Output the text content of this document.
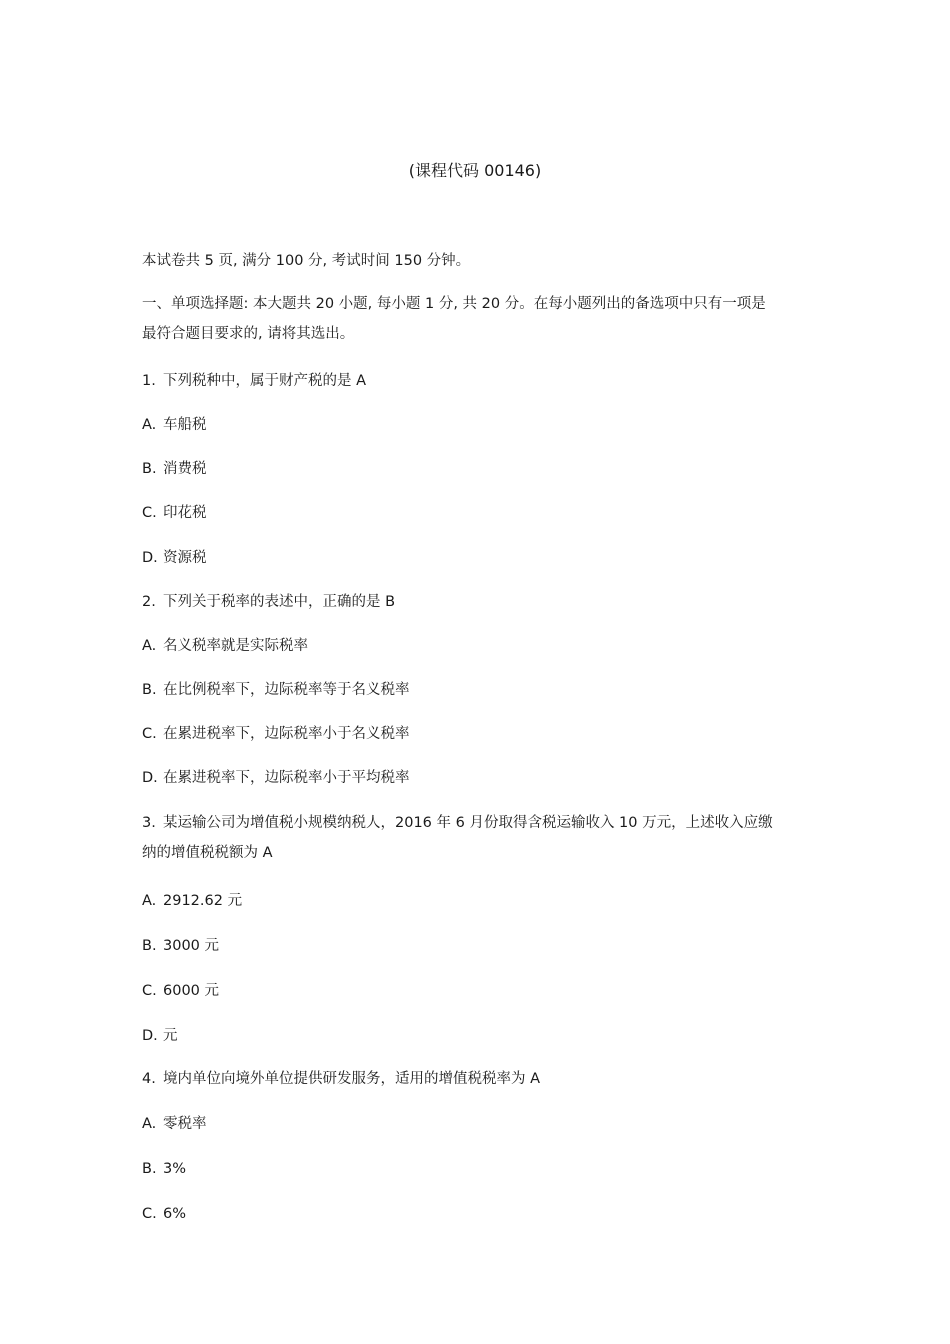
(课程代码 00146)
本试卷共 5 页, 满分 100 分, 考试时间 150 分钟。
一、单项选择题: 本大题共 20 小题, 每小题 1 分, 共 20 分。在每小题列出的备选项中只有一项是
最符合题目要求的, 请将其选出。
1. 下列税种中，属于财产税的是 A
A. 车船税
B. 消费税
C. 印花税
D. 资源税
2. 下列关于税率的表述中，正确的是 B
A. 名义税率就是实际税率
B. 在比例税率下，边际税率等于名义税率
C. 在累进税率下，边际税率小于名义税率
D. 在累进税率下，边际税率小于平均税率
3. 某运输公司为增值税小规模纳税人，2016 年 6 月份取得含税运输收入 10 万元，上述收入应缴
纳的增值税税额为 A
A. 2912.62 元
B. 3000 元
C. 6000 元
D. 元
4. 境内单位向境外单位提供研发服务，适用的增值税税率为 A
A. 零税率
B. 3%
C. 6%
